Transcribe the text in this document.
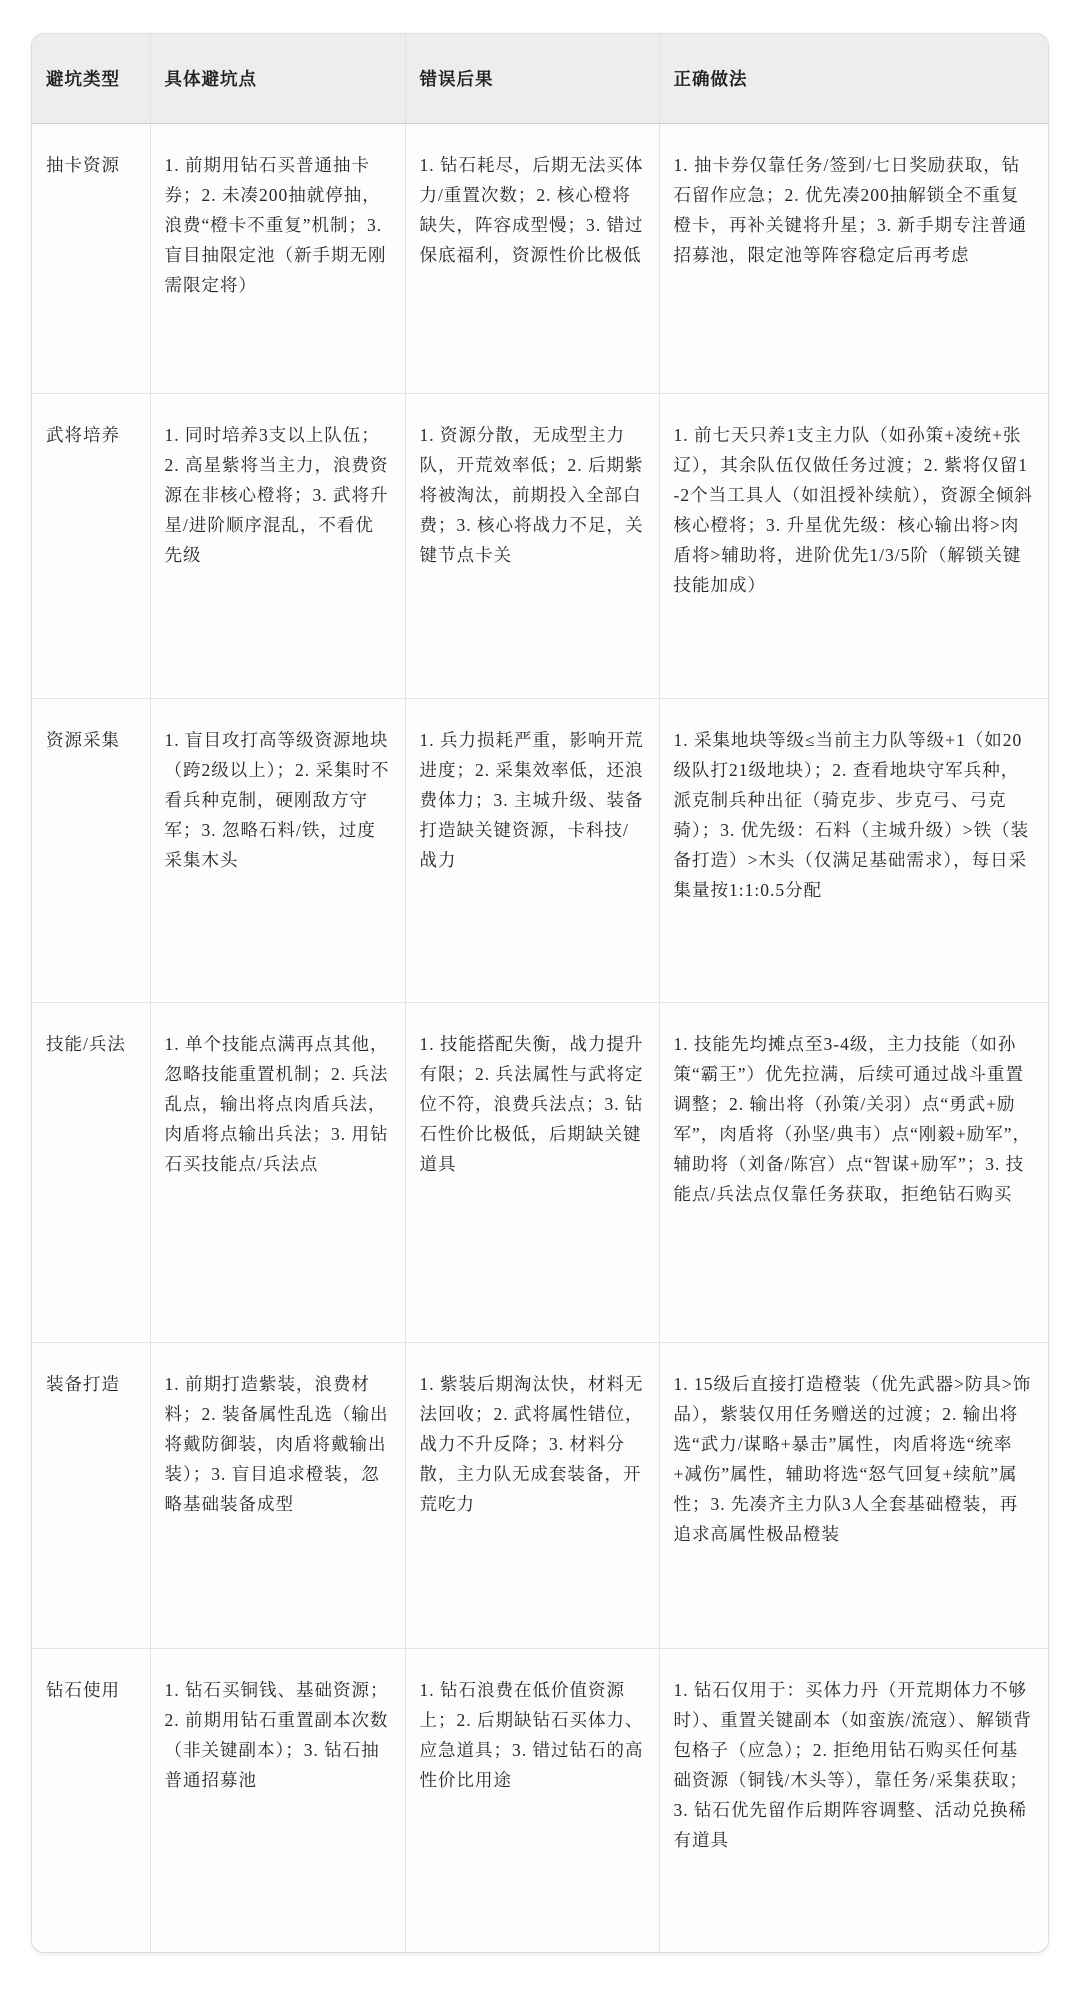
避坑类型	具体避坑点	错误后果	正确做法
抽卡资源	1. 前期用钻石买普通抽卡券；2. 未凑200抽就停抽，浪费“橙卡不重复”机制；3. 盲目抽限定池（新手期无刚需限定将）	1. 钻石耗尽，后期无法买体力/重置次数；2. 核心橙将缺失，阵容成型慢；3. 错过保底福利，资源性价比极低	1. 抽卡券仅靠任务/签到/七日奖励获取，钻石留作应急；2. 优先凑200抽解锁全不重复橙卡，再补关键将升星；3. 新手期专注普通招募池，限定池等阵容稳定后再考虑
武将培养	1. 同时培养3支以上队伍；2. 高星紫将当主力，浪费资源在非核心橙将；3. 武将升星/进阶顺序混乱，不看优先级	1. 资源分散，无成型主力队，开荒效率低；2. 后期紫将被淘汰，前期投入全部白费；3. 核心将战力不足，关键节点卡关	1. 前七天只养1支主力队（如孙策+凌统+张辽），其余队伍仅做任务过渡；2. 紫将仅留1-2个当工具人（如沮授补续航），资源全倾斜核心橙将；3. 升星优先级：核心输出将>肉盾将>辅助将，进阶优先1/3/5阶（解锁关键技能加成）
资源采集	1. 盲目攻打高等级资源地块（跨2级以上）；2. 采集时不看兵种克制，硬刚敌方守军；3. 忽略石料/铁，过度采集木头	1. 兵力损耗严重，影响开荒进度；2. 采集效率低，还浪费体力；3. 主城升级、装备打造缺关键资源，卡科技/战力	1. 采集地块等级≤当前主力队等级+1（如20级队打21级地块）；2. 查看地块守军兵种，派克制兵种出征（骑克步、步克弓、弓克骑）；3. 优先级：石料（主城升级）>铁（装备打造）>木头（仅满足基础需求），每日采集量按1:1:0.5分配
技能/兵法	1. 单个技能点满再点其他，忽略技能重置机制；2. 兵法乱点，输出将点肉盾兵法，肉盾将点输出兵法；3. 用钻石买技能点/兵法点	1. 技能搭配失衡，战力提升有限；2. 兵法属性与武将定位不符，浪费兵法点；3. 钻石性价比极低，后期缺关键道具	1. 技能先均摊点至3-4级，主力技能（如孙策“霸王”）优先拉满，后续可通过战斗重置调整；2. 输出将（孙策/关羽）点“勇武+励军”，肉盾将（孙坚/典韦）点“刚毅+励军”，辅助将（刘备/陈宫）点“智谋+励军”；3. 技能点/兵法点仅靠任务获取，拒绝钻石购买
装备打造	1. 前期打造紫装，浪费材料；2. 装备属性乱选（输出将戴防御装，肉盾将戴输出装）；3. 盲目追求橙装，忽略基础装备成型	1. 紫装后期淘汰快，材料无法回收；2. 武将属性错位，战力不升反降；3. 材料分散，主力队无成套装备，开荒吃力	1. 15级后直接打造橙装（优先武器>防具>饰品），紫装仅用任务赠送的过渡；2. 输出将选“武力/谋略+暴击”属性，肉盾将选“统率+减伤”属性，辅助将选“怒气回复+续航”属性；3. 先凑齐主力队3人全套基础橙装，再追求高属性极品橙装
钻石使用	1. 钻石买铜钱、基础资源；2. 前期用钻石重置副本次数（非关键副本）；3. 钻石抽普通招募池	1. 钻石浪费在低价值资源上；2. 后期缺钻石买体力、应急道具；3. 错过钻石的高性价比用途	1. 钻石仅用于：买体力丹（开荒期体力不够时）、重置关键副本（如蛮族/流寇）、解锁背包格子（应急）；2. 拒绝用钻石购买任何基础资源（铜钱/木头等），靠任务/采集获取；3. 钻石优先留作后期阵容调整、活动兑换稀有道具
